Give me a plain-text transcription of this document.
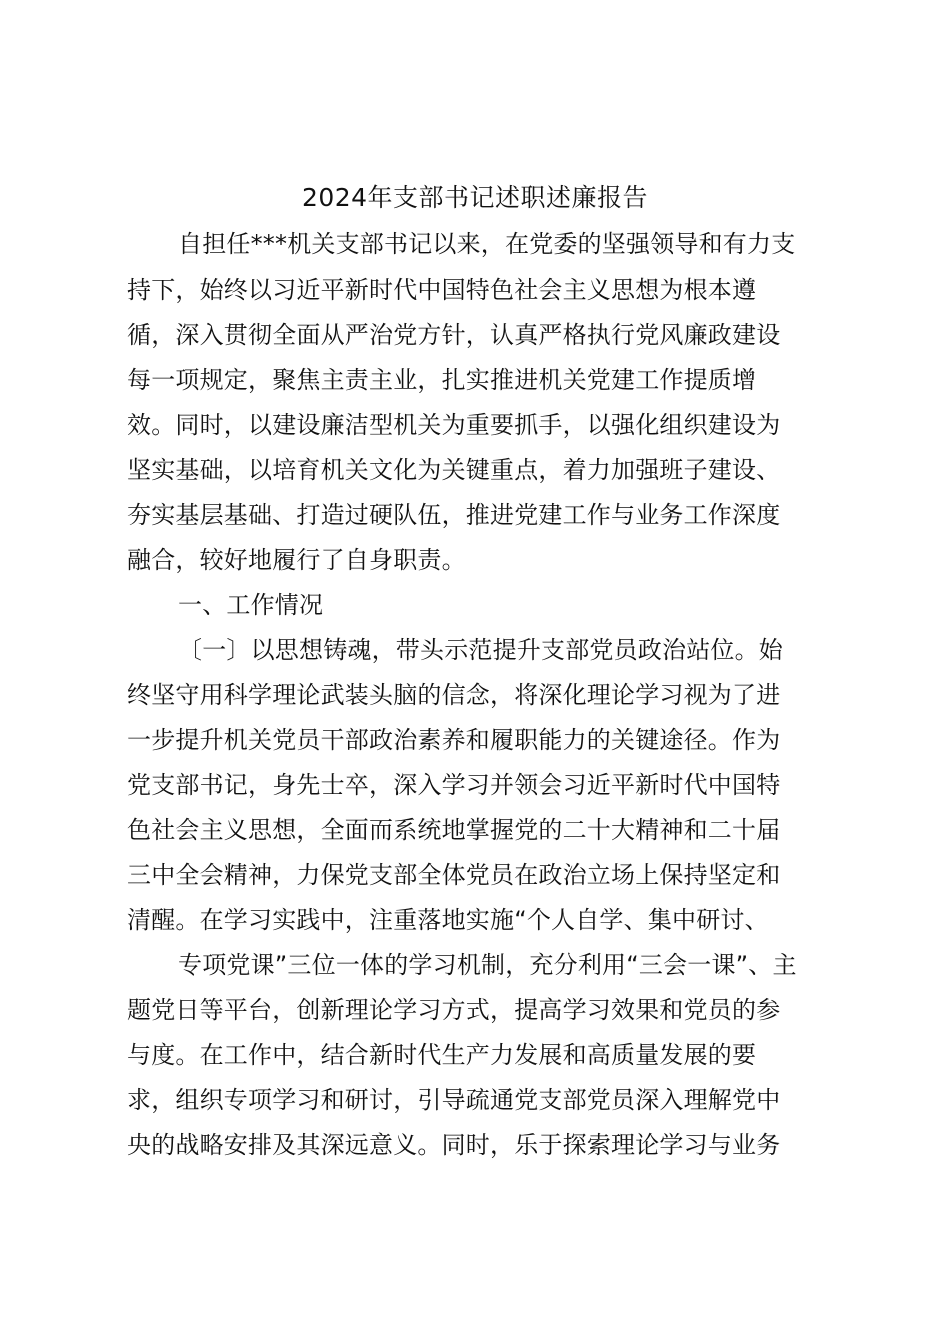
2024年支部书记述职述廉报告
自担任***机关支部书记以来，在党委的坚强领导和有力支
持下，始终以习近平新时代中国特色社会主义思想为根本遵
循，深入贯彻全面从严治党方针，认真严格执行党风廉政建设
每一项规定，聚焦主责主业，扎实推进机关党建工作提质增
效。同时，以建设廉洁型机关为重要抓手，以强化组织建设为
坚实基础，以培育机关文化为关键重点，着力加强班子建设、
夯实基层基础、打造过硬队伍，推进党建工作与业务工作深度
融合，较好地履行了自身职责。
一、工作情况
〔一〕以思想铸魂，带头示范提升支部党员政治站位。始
终坚守用科学理论武装头脑的信念，将深化理论学习视为了进
一步提升机关党员干部政治素养和履职能力的关键途径。作为
党支部书记，身先士卒，深入学习并领会习近平新时代中国特
色社会主义思想，全面而系统地掌握党的二十大精神和二十届
三中全会精神，力保党支部全体党员在政治立场上保持坚定和
清醒。在学习实践中，注重落地实施“个人自学、集中研讨、
专项党课”三位一体的学习机制，充分利用“三会一课”、主
题党日等平台，创新理论学习方式，提高学习效果和党员的参
与度。在工作中，结合新时代生产力发展和高质量发展的要
求，组织专项学习和研讨，引导疏通党支部党员深入理解党中
央的战略安排及其深远意义。同时，乐于探索理论学习与业务
